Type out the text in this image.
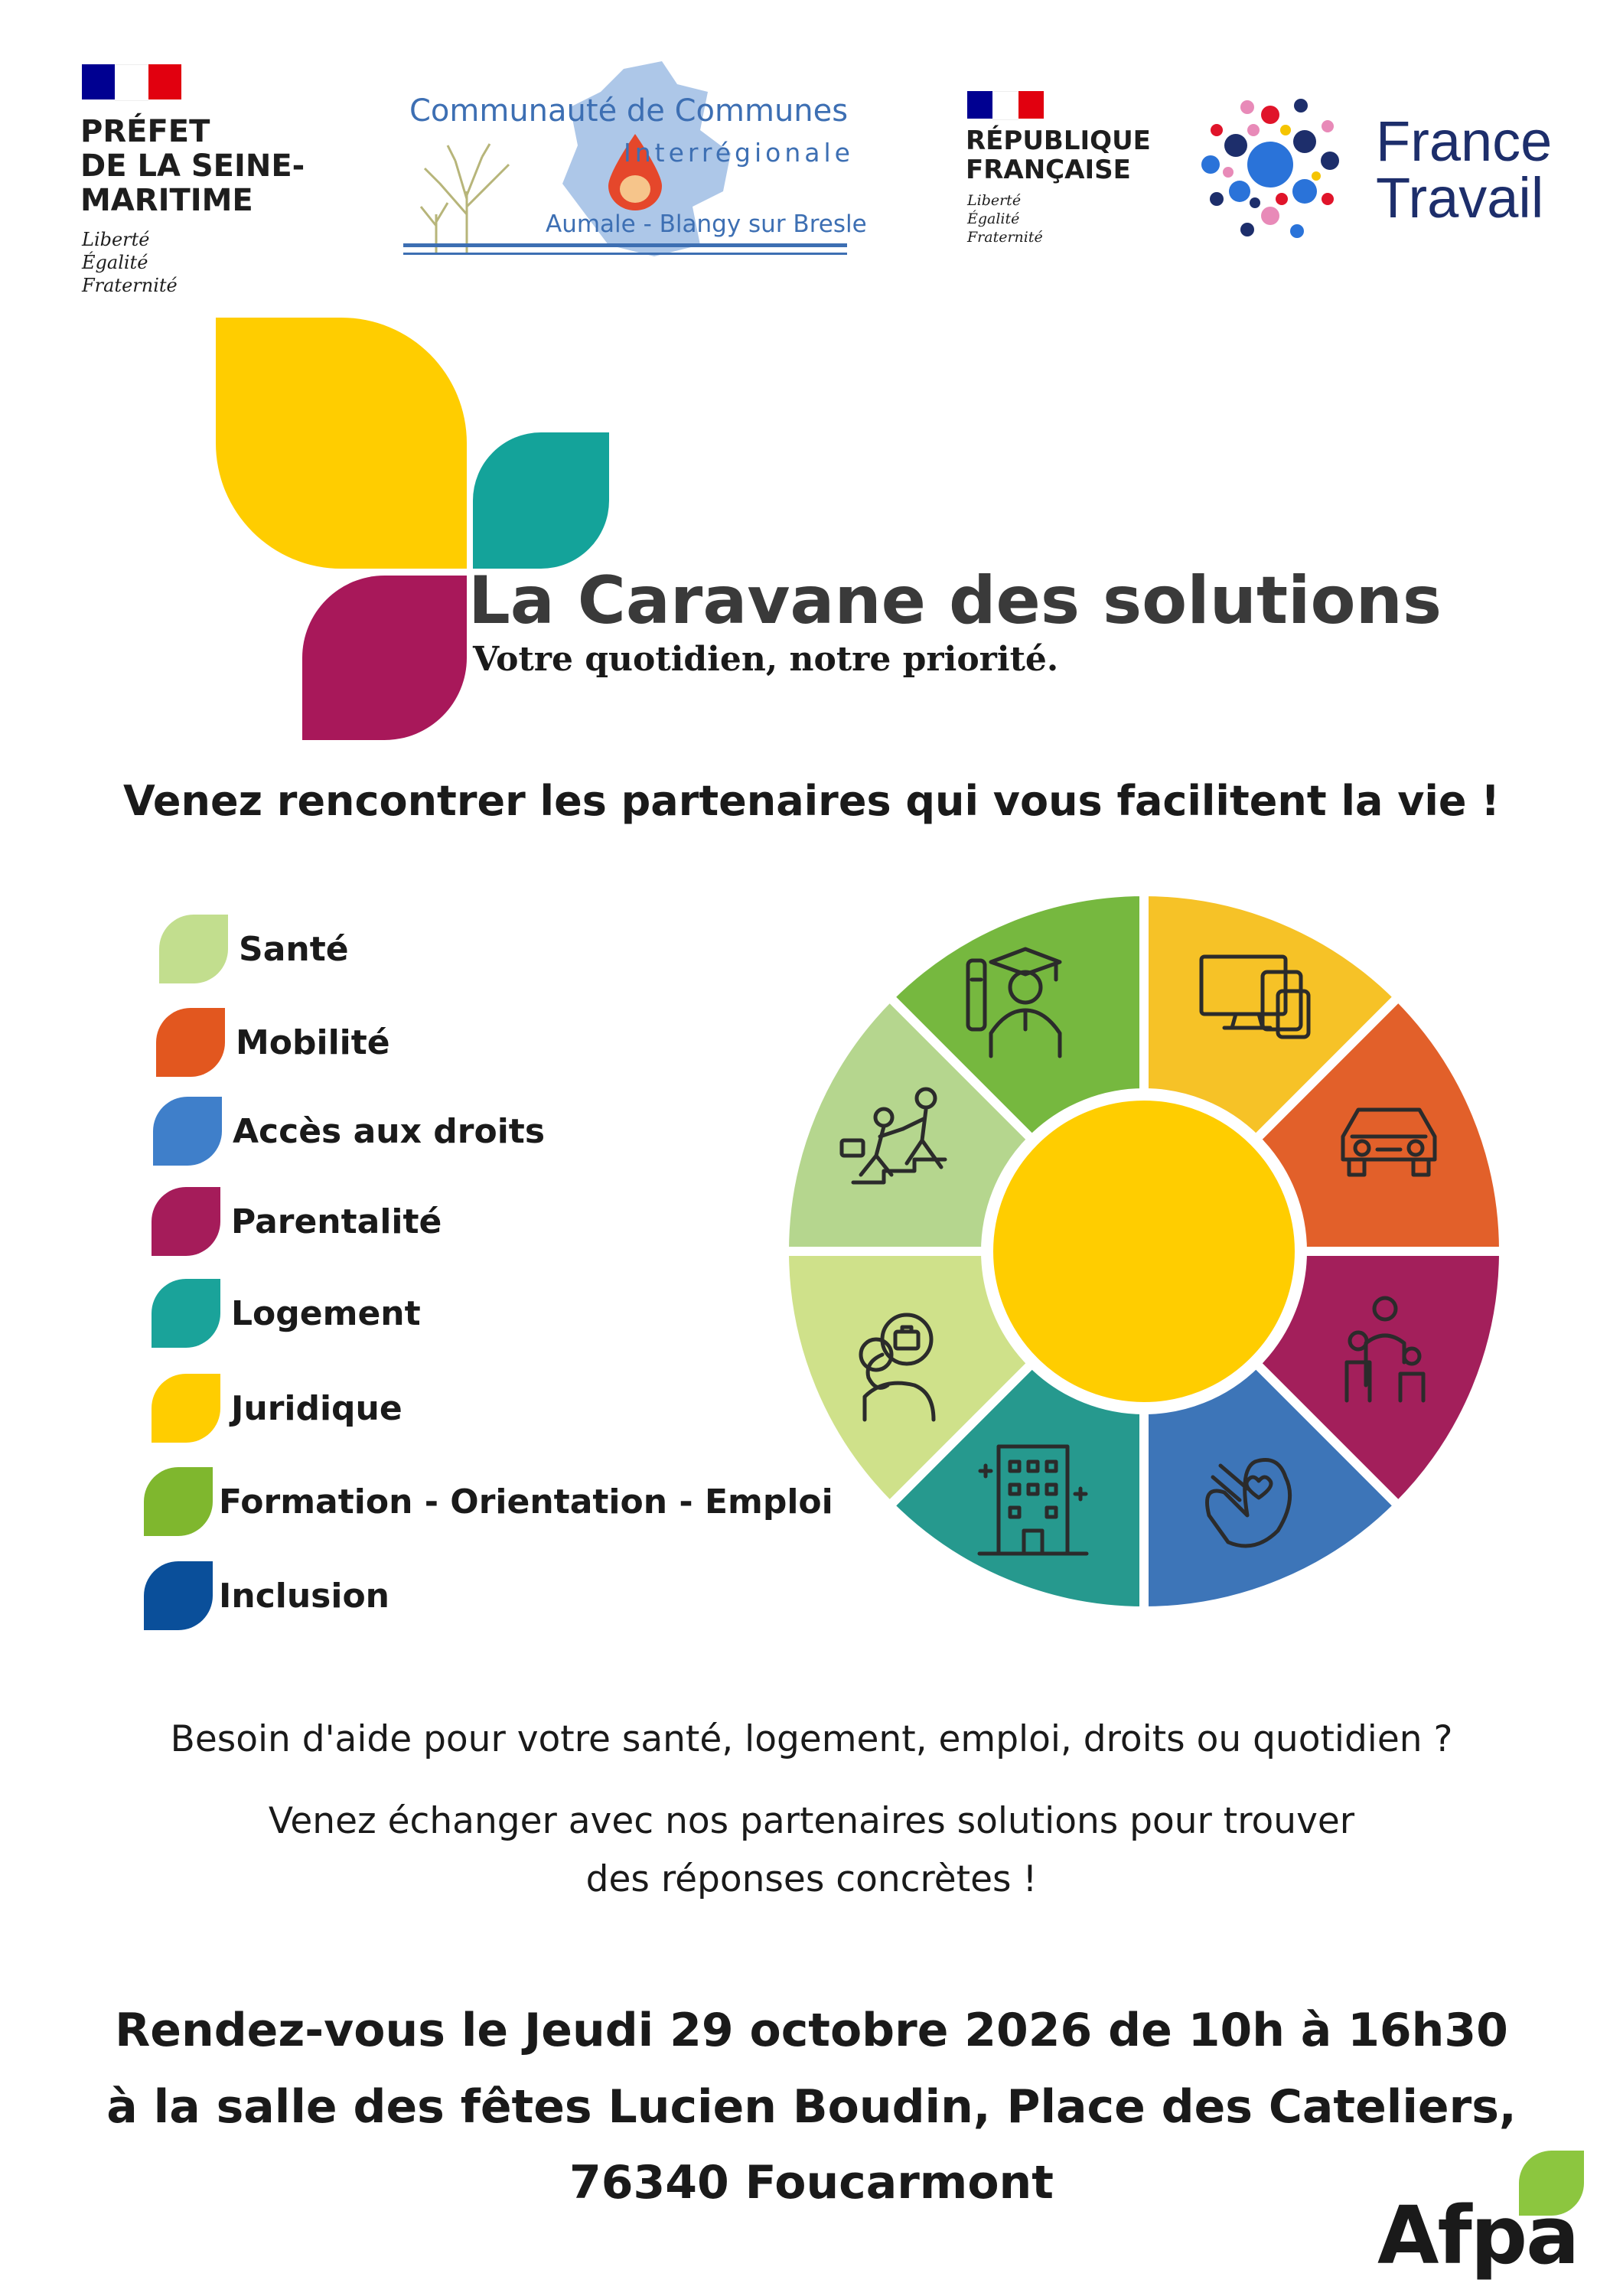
PRÉFET
DE LA SEINE-
MARITIME
Liberté
Égalité
Fraternité
Communauté de Communes
Interrégionale
Aumale - Blangy sur Bresle
RÉPUBLIQUE
FRANÇAISE
Liberté
Égalité
Fraternité
France
Travail
La Caravane des solutions
Votre quotidien, notre priorité.
Venez rencontrer les partenaires qui vous facilitent la vie !
Santé
Mobilité
Accès aux droits
Parentalité
Logement
Juridique
Formation - Orientation - Emploi
Inclusion
Besoin d'aide pour votre santé, logement, emploi, droits ou quotidien ?
Venez échanger avec nos partenaires solutions pour trouver
des réponses concrètes !
Rendez-vous le Jeudi 29 octobre 2026 de 10h à 16h30
à la salle des fêtes Lucien Boudin, Place des Cateliers,
76340 Foucarmont
Afpa
